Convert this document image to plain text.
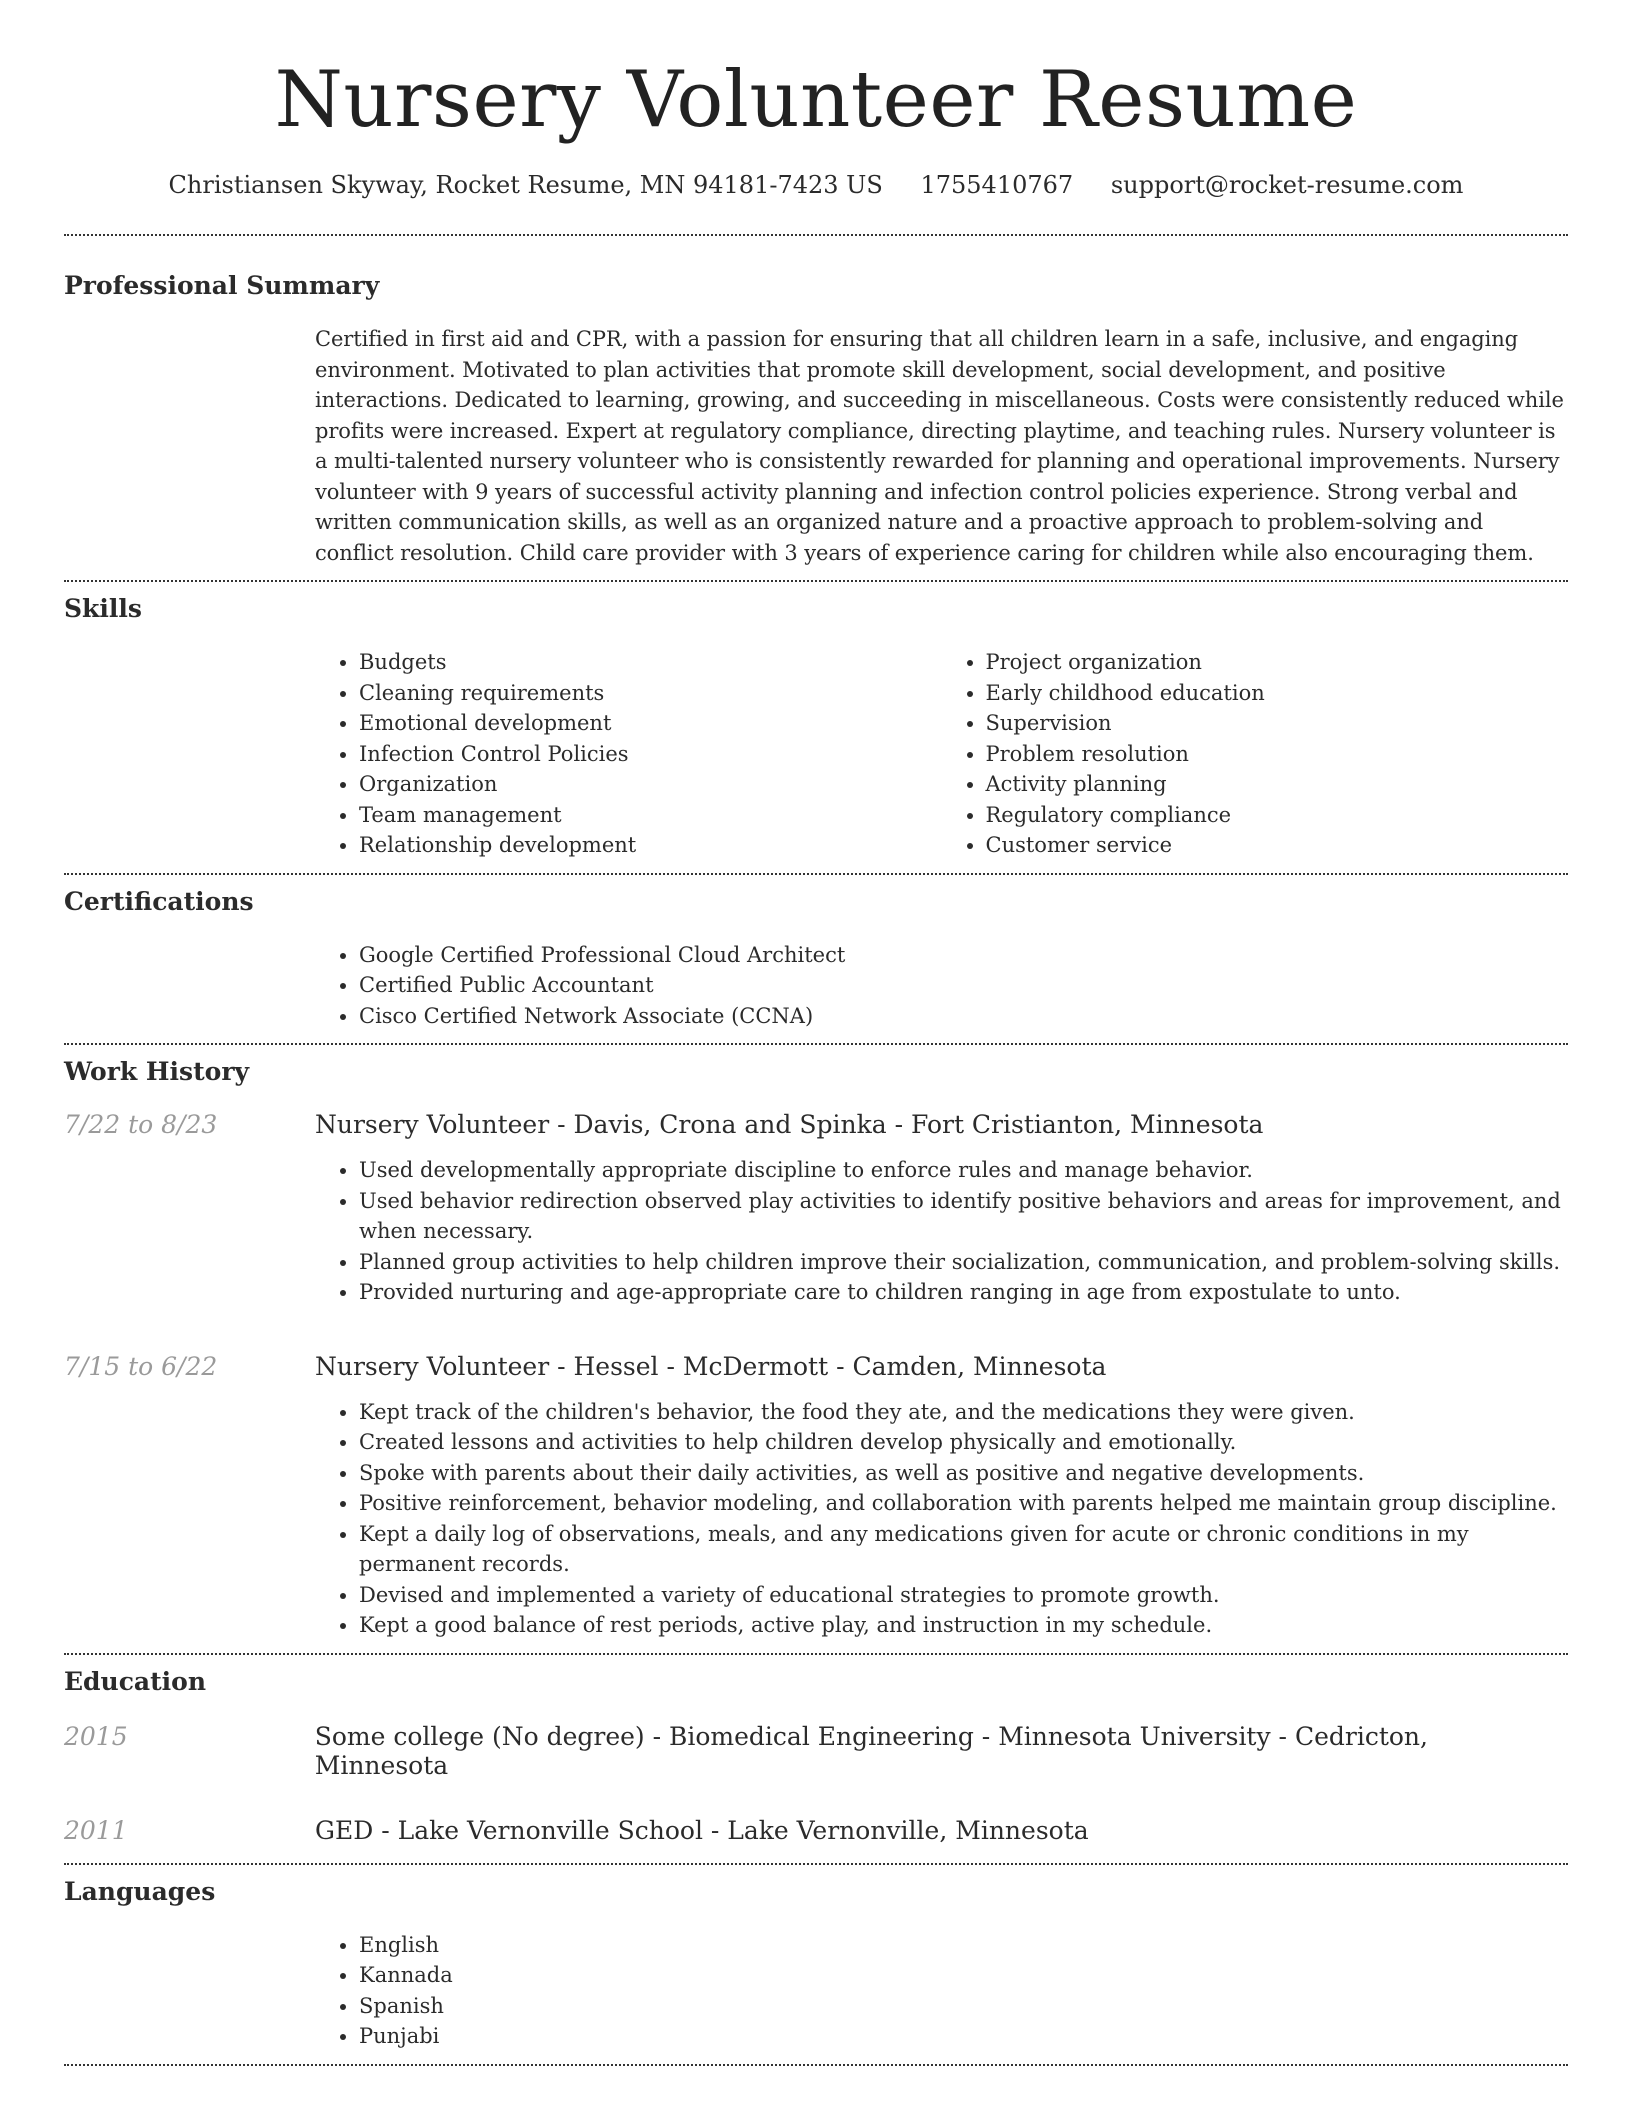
Nursery Volunteer Resume
Christiansen Skyway, Rocket Resume, MN 94181-7423 US 1755410767 support@rocket-resume.com
Professional Summary
Certified in first aid and CPR, with a passion for ensuring that all children learn in a safe, inclusive, and engaging environment. Motivated to plan activities that promote skill development, social development, and positive interactions. Dedicated to learning, growing, and succeeding in miscellaneous. Costs were consistently reduced while profits were increased. Expert at regulatory compliance, directing playtime, and teaching rules. Nursery volunteer is a multi-talented nursery volunteer who is consistently rewarded for planning and operational improvements. Nursery volunteer with 9 years of successful activity planning and infection control policies experience. Strong verbal and written communication skills, as well as an organized nature and a proactive approach to problem-solving and conflict resolution. Child care provider with 3 years of experience caring for children while also encouraging them.
Skills
• Budgets
• Cleaning requirements
• Emotional development
• Infection Control Policies
• Organization
• Team management
• Relationship development
• Project organization
• Early childhood education
• Supervision
• Problem resolution
• Activity planning
• Regulatory compliance
• Customer service
Certifications
• Google Certified Professional Cloud Architect
• Certified Public Accountant
• Cisco Certified Network Associate (CCNA)
Work History
7/22 to 8/23	Nursery Volunteer - Davis, Crona and Spinka - Fort Cristianton, Minnesota
• Used developmentally appropriate discipline to enforce rules and manage behavior.
• Used behavior redirection observed play activities to identify positive behaviors and areas for improvement, and when necessary.
• Planned group activities to help children improve their socialization, communication, and problem-solving skills.
• Provided nurturing and age-appropriate care to children ranging in age from expostulate to unto.
7/15 to 6/22	Nursery Volunteer - Hessel - McDermott - Camden, Minnesota
• Kept track of the children's behavior, the food they ate, and the medications they were given.
• Created lessons and activities to help children develop physically and emotionally.
• Spoke with parents about their daily activities, as well as positive and negative developments.
• Positive reinforcement, behavior modeling, and collaboration with parents helped me maintain group discipline.
• Kept a daily log of observations, meals, and any medications given for acute or chronic conditions in my permanent records.
• Devised and implemented a variety of educational strategies to promote growth.
• Kept a good balance of rest periods, active play, and instruction in my schedule.
Education
2015	Some college (No degree) - Biomedical Engineering - Minnesota University - Cedricton, Minnesota
2011	GED - Lake Vernonville School - Lake Vernonville, Minnesota
Languages
• English
• Kannada
• Spanish
• Punjabi
